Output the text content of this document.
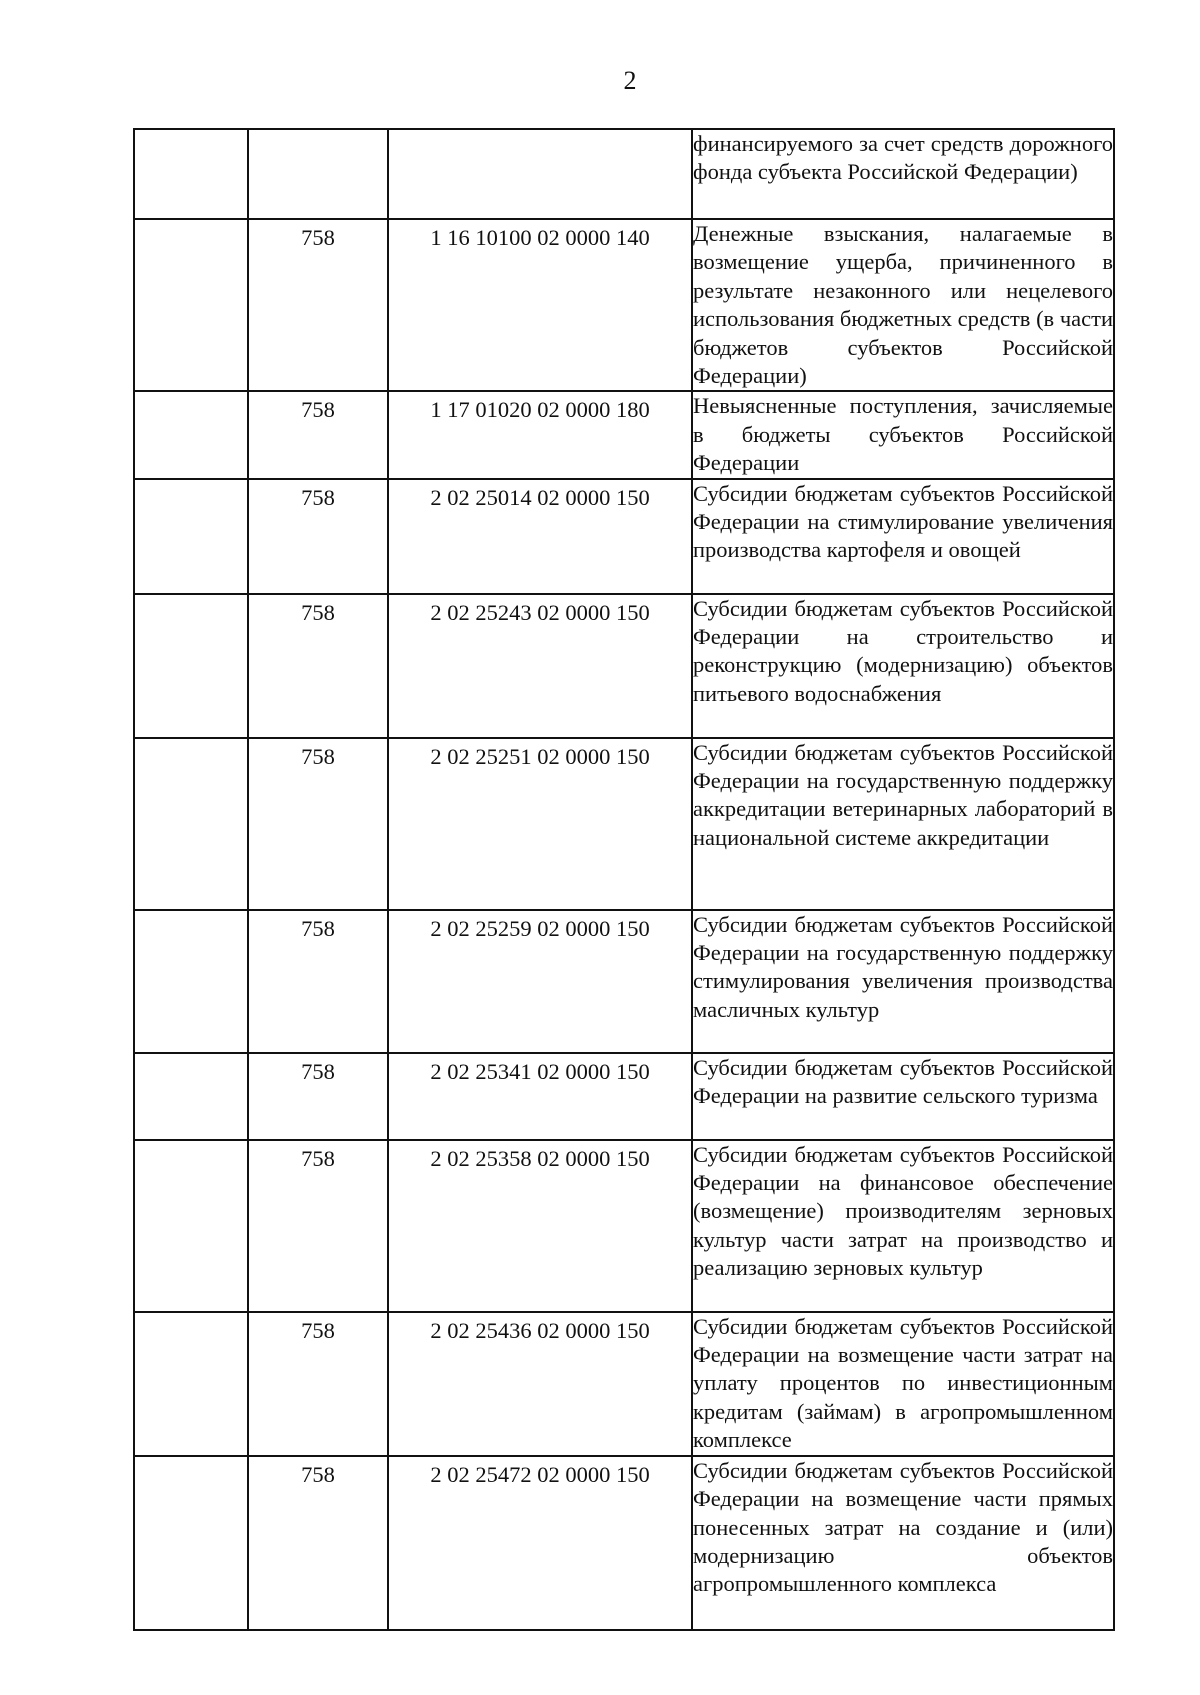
2
			финансируемого за счет средств дорожного фонда субъекта Российской Федерации)
	758	1 16 10100 02 0000 140	Денежные взыскания, налагаемые в возмещение ущерба, причиненного в результате незаконного или нецелевого использования бюджетных средств (в части бюджетов субъектов Российской Федерации)
	758	1 17 01020 02 0000 180	Невыясненные поступления, зачисляемые в бюджеты субъектов Российской Федерации
	758	2 02 25014 02 0000 150	Субсидии бюджетам субъектов Российской Федерации на стимулирование увеличения производства картофеля и овощей
	758	2 02 25243 02 0000 150	Субсидии бюджетам субъектов Российской Федерации на строительство и реконструкцию (модернизацию) объектов питьевого водоснабжения
	758	2 02 25251 02 0000 150	Субсидии бюджетам субъектов Российской Федерации на государственную поддержку аккредитации ветеринарных лабораторий в национальной системе аккредитации
	758	2 02 25259 02 0000 150	Субсидии бюджетам субъектов Российской Федерации на государственную поддержку стимулирования увеличения производства масличных культур
	758	2 02 25341 02 0000 150	Субсидии бюджетам субъектов Российской Федерации на развитие сельского туризма
	758	2 02 25358 02 0000 150	Субсидии бюджетам субъектов Российской Федерации на финансовое обеспечение (возмещение) производителям зерновых культур части затрат на производство и реализацию зерновых культур
	758	2 02 25436 02 0000 150	Субсидии бюджетам субъектов Российской Федерации на возмещение части затрат на уплату процентов по инвестиционным кредитам (займам) в агропромышленном комплексе
	758	2 02 25472 02 0000 150	Субсидии бюджетам субъектов Российской Федерации на возмещение части прямых понесенных затрат на создание и (или) модернизацию объектов агропромышленного комплекса
